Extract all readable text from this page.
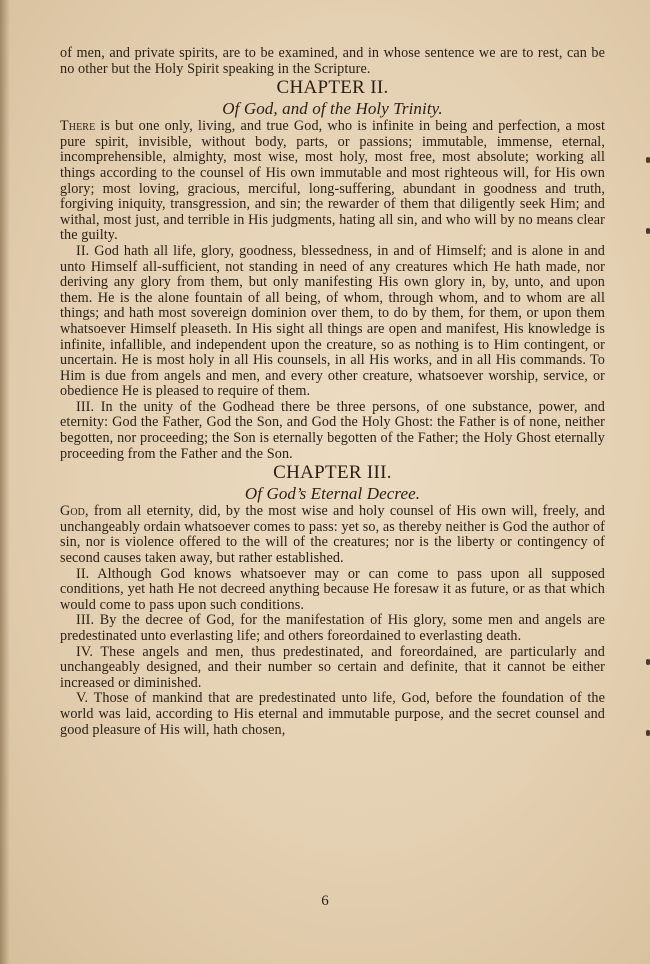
of men, and private spirits, are to be examined, and in whose sentence we are to rest, can be no other but the Holy Spirit speaking in the Scripture.

CHAPTER II.
Of God, and of the Holy Trinity.

There is but one only, living, and true God, who is infinite in being and perfection, a most pure spirit, invisible, without body, parts, or passions; immutable, immense, eternal, incomprehensible, almighty, most wise, most holy, most free, most absolute; working all things according to the counsel of His own immutable and most righteous will, for His own glory; most loving, gracious, merciful, long-suffering, abundant in goodness and truth, forgiving iniquity, transgression, and sin; the rewarder of them that diligently seek Him; and withal, most just, and terrible in His judgments, hating all sin, and who will by no means clear the guilty.

II. God hath all life, glory, goodness, blessedness, in and of Himself; and is alone in and unto Himself all-sufficient, not standing in need of any creatures which He hath made, nor deriving any glory from them, but only manifesting His own glory in, by, unto, and upon them. He is the alone fountain of all being, of whom, through whom, and to whom are all things; and hath most sovereign dominion over them, to do by them, for them, or upon them whatsoever Himself pleaseth. In His sight all things are open and manifest, His knowledge is infinite, infallible, and independent upon the creature, so as nothing is to Him contingent, or uncertain. He is most holy in all His counsels, in all His works, and in all His commands. To Him is due from angels and men, and every other creature, whatsoever worship, service, or obedience He is pleased to require of them.

III. In the unity of the Godhead there be three persons, of one substance, power, and eternity: God the Father, God the Son, and God the Holy Ghost: the Father is of none, neither begotten, nor proceeding; the Son is eternally begotten of the Father; the Holy Ghost eternally proceeding from the Father and the Son.

CHAPTER III.
Of God’s Eternal Decree.

God, from all eternity, did, by the most wise and holy counsel of His own will, freely, and unchangeably ordain whatsoever comes to pass: yet so, as thereby neither is God the author of sin, nor is violence offered to the will of the creatures; nor is the liberty or contingency of second causes taken away, but rather established.

II. Although God knows whatsoever may or can come to pass upon all supposed conditions, yet hath He not decreed anything because He foresaw it as future, or as that which would come to pass upon such conditions.

III. By the decree of God, for the manifestation of His glory, some men and angels are predestinated unto everlasting life; and others foreordained to everlasting death.

IV. These angels and men, thus predestinated, and foreordained, are particularly and unchangeably designed, and their number so certain and definite, that it cannot be either increased or diminished.

V. Those of mankind that are predestinated unto life, God, before the foundation of the world was laid, according to His eternal and immutable purpose, and the secret counsel and good pleasure of His will, hath chosen,

6
